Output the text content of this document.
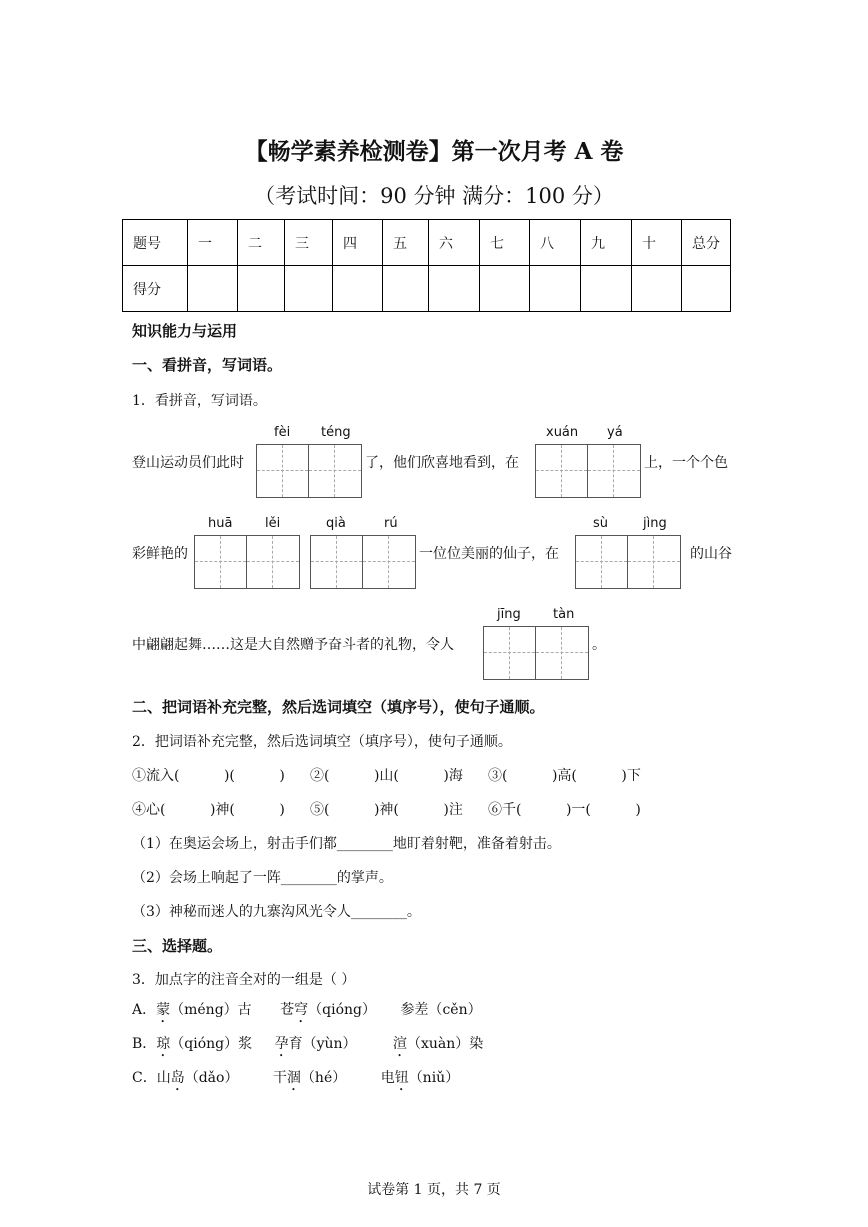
【畅学素养检测卷】第一次月考 A 卷
（考试时间：90 分钟 满分：100 分）
题号	一	二	三	四	五	六	七	八	九	十	总分
得分											
知识能力与运用
一、看拼音，写词语。
1．看拼音，写词语。
fèi téng	xuán yá
登山运动员们此时	了，他们欣喜地看到，在	上，一个个色
huā	lěi	qià	rú	sù	jìng
彩鲜艳的	一位位美丽的仙子，在	的山谷
jīng tàn
中翩翩起舞……这是大自然赠予奋斗者的礼物，令人	。
二、把词语补充完整，然后选词填空（填序号），使句子通顺。
2．把词语补充完整，然后选词填空（填序号），使句子通顺。
①流入(          )(          ) ②(          )山(          )海 ③(          )高(          )下
④心(          )神(          ) ⑤(          )神(          )注 ⑥千(          )一(          )
（1）在奥运会场上，射击手们都________地盯着射靶，准备着射击。
（2）会场上响起了一阵________的掌声。
（3）神秘而迷人的九寨沟风光令人________。
三、选择题。
3．加点字的注音全对的一组是（ ）
A．蒙（méng）古 苍穹（qióng） 参差（cěn）
B．琼（qióng）浆 孕育（yùn）	渲（xuàn）染
C．山岛（dǎo） 干涸（hé） 电钮（niǔ）
试卷第 1 页，共 7 页
